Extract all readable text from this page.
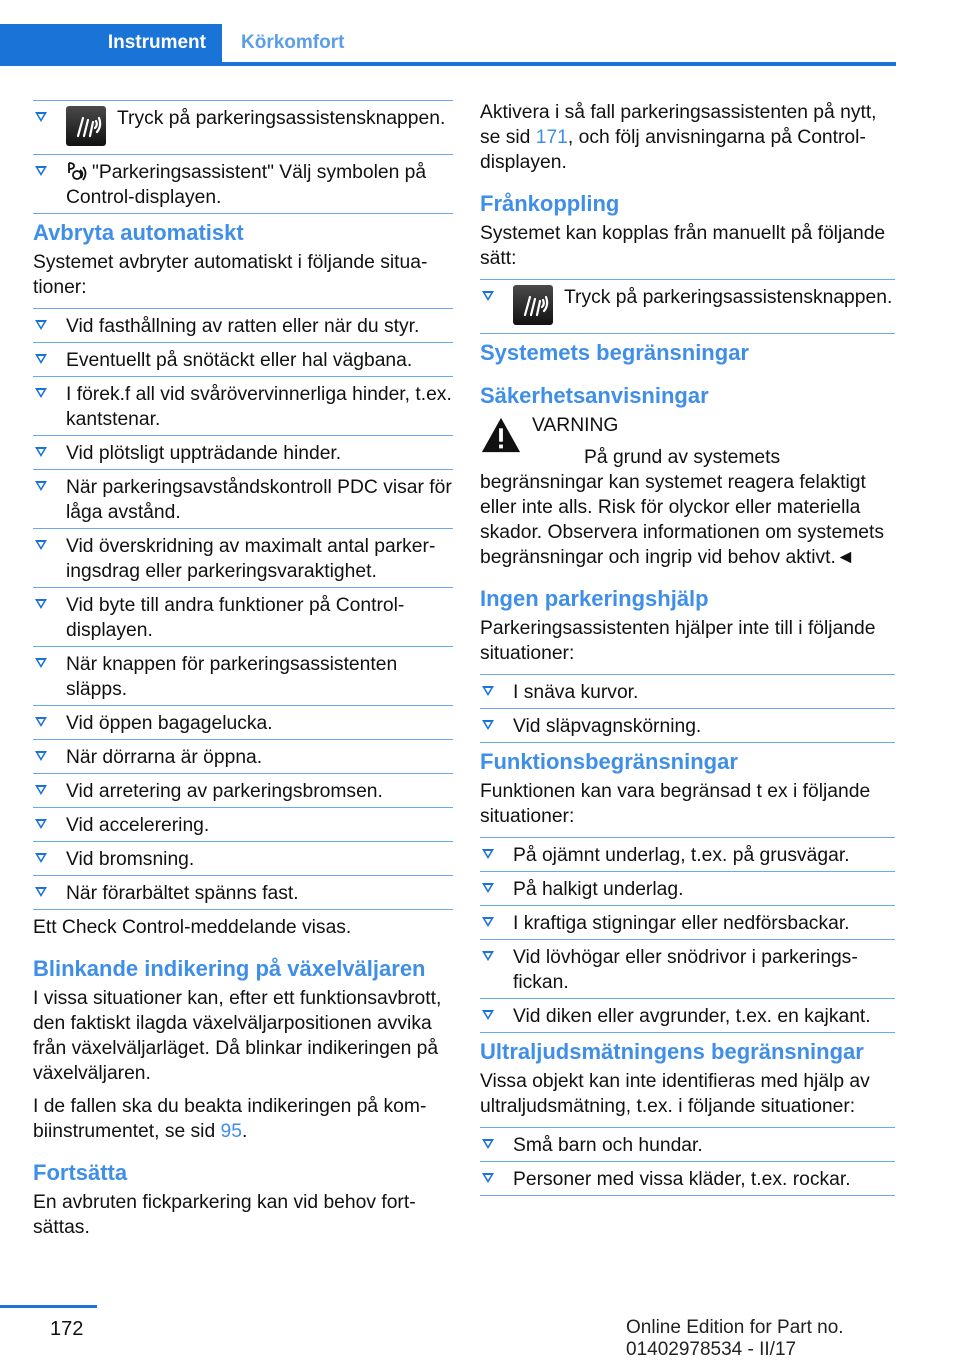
Instrument Körkomfort
Tryck på parkeringsassistensknappen.
"Parkeringsassistent" Välj symbolen på Control-displayen.
Avbryta automatiskt

Systemet avbryter automatiskt i följande situationer:

Vid fasthållning av ratten eller när du styr.
Eventuellt på snötäckt eller hal vägbana.
I förek.f all vid svårövervinnerliga hinder, t.ex. kantstenar.
Vid plötsligt uppträdande hinder.
När parkeringsavståndskontroll PDC visar för låga avstånd.
Vid överskridning av maximalt antal parkeringsdrag eller parkeringsvaraktighet.
Vid byte till andra funktioner på Control-displayen.
När knappen för parkeringsassistenten släpps.
Vid öppen bagagelucka.
När dörrarna är öppna.
Vid arretering av parkeringsbromsen.
Vid accelerering.
Vid bromsning.
När förarbältet spänns fast.

Ett Check Control-meddelande visas.

Blinkande indikering på växelväljaren

I vissa situationer kan, efter ett funktionsavbrott, den faktiskt ilagda växelväljarpositionen avvika från växelväljarläget. Då blinkar indikeringen på växelväljaren.

I de fallen ska du beakta indikeringen på kombiinstrumentet, se sid 95.

Fortsätta

En avbruten fickparkering kan vid behov fortsättas.

Aktivera i så fall parkeringsassistenten på nytt, se sid 171, och följ anvisningarna på Control-displayen.

Frånkoppling

Systemet kan kopplas från manuellt på följande sätt:

Tryck på parkeringsassistensknappen.
Systemets begränsningar
Säkerhetsanvisningar
VARNING
På grund av systemets begränsningar kan systemet reagera felaktigt eller inte alls. Risk för olyckor eller materiella skador. Observera informationen om systemets begränsningar och ingrip vid behov aktivt.◄
Ingen parkeringshjälp

Parkeringsassistenten hjälper inte till i följande situationer:

I snäva kurvor.
Vid släpvagnskörning.
Funktionsbegränsningar

Funktionen kan vara begränsad t ex i följande situationer:

På ojämnt underlag, t.ex. på grusvägar.
På halkigt underlag.
I kraftiga stigningar eller nedförsbackar.
Vid lövhögar eller snödrivor i parkeringsfickan.
Vid diken eller avgrunder, t.ex. en kajkant.
Ultraljudsmätningens begränsningar

Vissa objekt kan inte identifieras med hjälp av ultraljudsmätning, t.ex. i följande situationer:

Små barn och hundar.
Personer med vissa kläder, t.ex. rockar.
172	Online Edition for Part no. 01402978534 - II/17
